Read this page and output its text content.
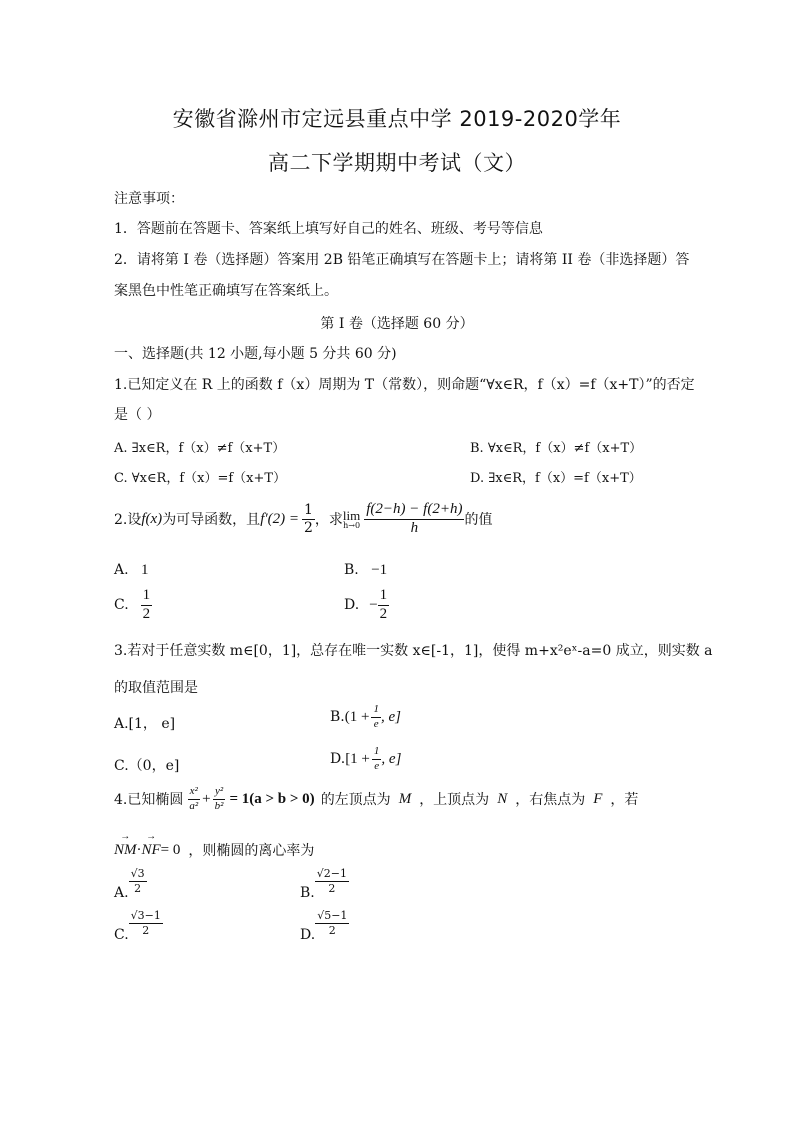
安徽省滁州市定远县重点中学 2019-2020学年
高二下学期期中考试（文）
注意事项：
1．答题前在答题卡、答案纸上填写好自己的姓名、班级、考号等信息
2．请将第 I 卷（选择题）答案用 2B 铅笔正确填写在答题卡上；请将第 II 卷（非选择题）答
案黑色中性笔正确填写在答案纸上。
第 I 卷（选择题 60 分）
一、选择题(共 12 小题,每小题 5 分共 60 分)
1.已知定义在 R 上的函数 f（x）周期为 T（常数），则命题“∀x∈R，f（x）=f（x+T）”的否定
是（ ）
A. ∃x∈R，f（x）≠f（x+T）	B. ∀x∈R，f（x）≠f（x+T）
C. ∀x∈R，f（x）=f（x+T）	D. ∃x∈R，f（x）=f（x+T）
2.设 f(x) 为可导函数，且 $f'(2) = \frac{1}{2}$ ，求 lim
$h\to 0 \frac{f(2-h) - f(2+h)}{h}$ 的值
A. 1	B. −1
C. $\frac{1}{2}$	D. − $\frac{1}{2}$
3.若对于任意实数 m∈[0，1]，总存在唯一实数 x∈[-1，1]，使得 m+x²eˣ-a=0 成立，则实数 a
的取值范围是
A.[1， e]	B. ($1 + \frac{1}{e}$ , e]
C.（0，e]	D. [$1 + \frac{1}{e}$ , e]
4.已知椭圆 $\frac{\text{x²}}{\text{a²}} + \frac{\text{y²}}{\text{b²}} = 1(a > b > 0)$ 的左顶点为 M ，上顶点为 N ，右焦点为 F ，若
→ NM ·
→ NF = 0 ，则椭圆的离心率为
A. $\frac{√3}{2}$	B. $\frac{√2-1}{2}$
C. $\frac{√3-1}{2}$	D. $\frac{√5-1}{2}$
